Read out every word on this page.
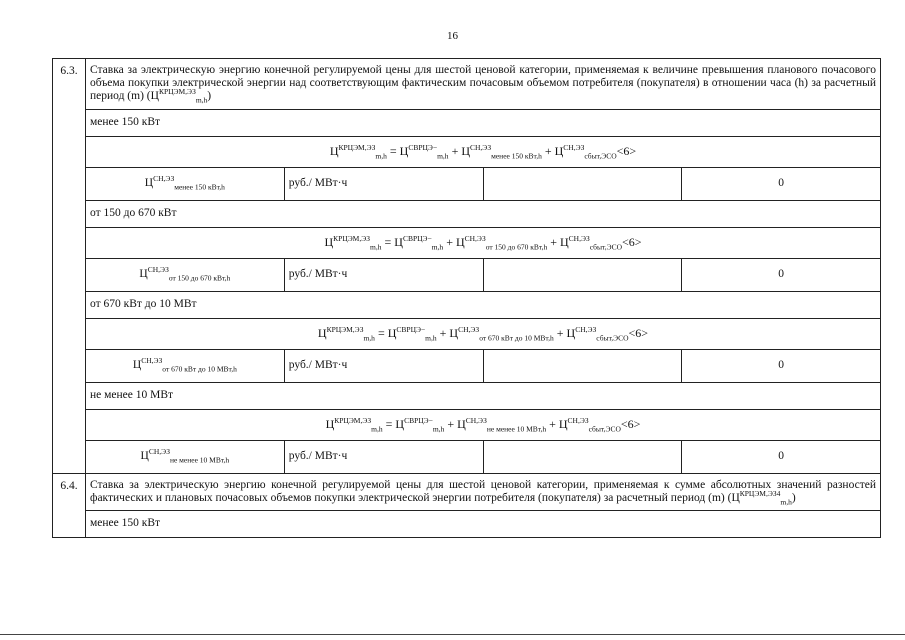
16
6.3.	Ставка за электрическую энергию конечной регулируемой цены для шестой ценовой категории, применяемая к величине превышения планового почасового объема покупки электрической энергии над соответствующим фактическим почасовым объемом потребителя (покупателя) в отношении часа (h) за расчетный период (m) $(Ц^{КРЦЭМ,ЭЗ}_{m,h})$			
	менее 150 кВт			
	$Ц^{КРЦЭМ,ЭЗ}_{m,h} = Ц^{СВРЦЭ-}_{m,h} + Ц^{СН,ЭЗ}_{менее 150 кВт,h} + Ц^{СН,ЭЗ}_{сбыт,ЭСО}<6>$			
	$Ц^{СН,ЭЗ}_{менее 150 кВт,h}$	руб./ МВт·ч		0
	от 150 до 670 кВт			
	$Ц^{КРЦЭМ,ЭЗ}_{m,h} = Ц^{СВРЦЭ-}_{m,h} + Ц^{СН,ЭЗ}_{от 150 до 670 кВт,h} + Ц^{СН,ЭЗ}_{сбыт,ЭСО}<6>$			
	$Ц^{СН,ЭЗ}_{от 150 до 670 кВт,h}$	руб./ МВт·ч		0
	от 670 кВт до 10 МВт			
	$Ц^{КРЦЭМ,ЭЗ}_{m,h} = Ц^{СВРЦЭ-}_{m,h} + Ц^{СН,ЭЗ}_{от 670 кВт до 10 МВт,h} + Ц^{СН,ЭЗ}_{сбыт,ЭСО}<6>$			
	$Ц^{СН,ЭЗ}_{от 670 кВт до 10 МВт,h}$	руб./ МВт·ч		0
	не менее 10 МВт			
	$Ц^{КРЦЭМ,ЭЗ}_{m,h} = Ц^{СВРЦЭ-}_{m,h} + Ц^{СН,ЭЗ}_{не менее 10 МВт,h} + Ц^{СН,ЭЗ}_{сбыт,ЭСО}<6>$			
	$Ц^{СН,ЭЗ}_{не менее 10 МВт,h}$	руб./ МВт·ч		0
6.4.	Ставка за электрическую энергию конечной регулируемой цены для шестой ценовой категории, применяемая к сумме абсолютных значений разностей фактических и плановых почасовых объемов покупки электрической энергии потребителя (покупателя) за расчетный период (m) $(Ц^{КРЦЭМ,ЭЗ4}_{m,h})$			
	менее 150 кВт			
